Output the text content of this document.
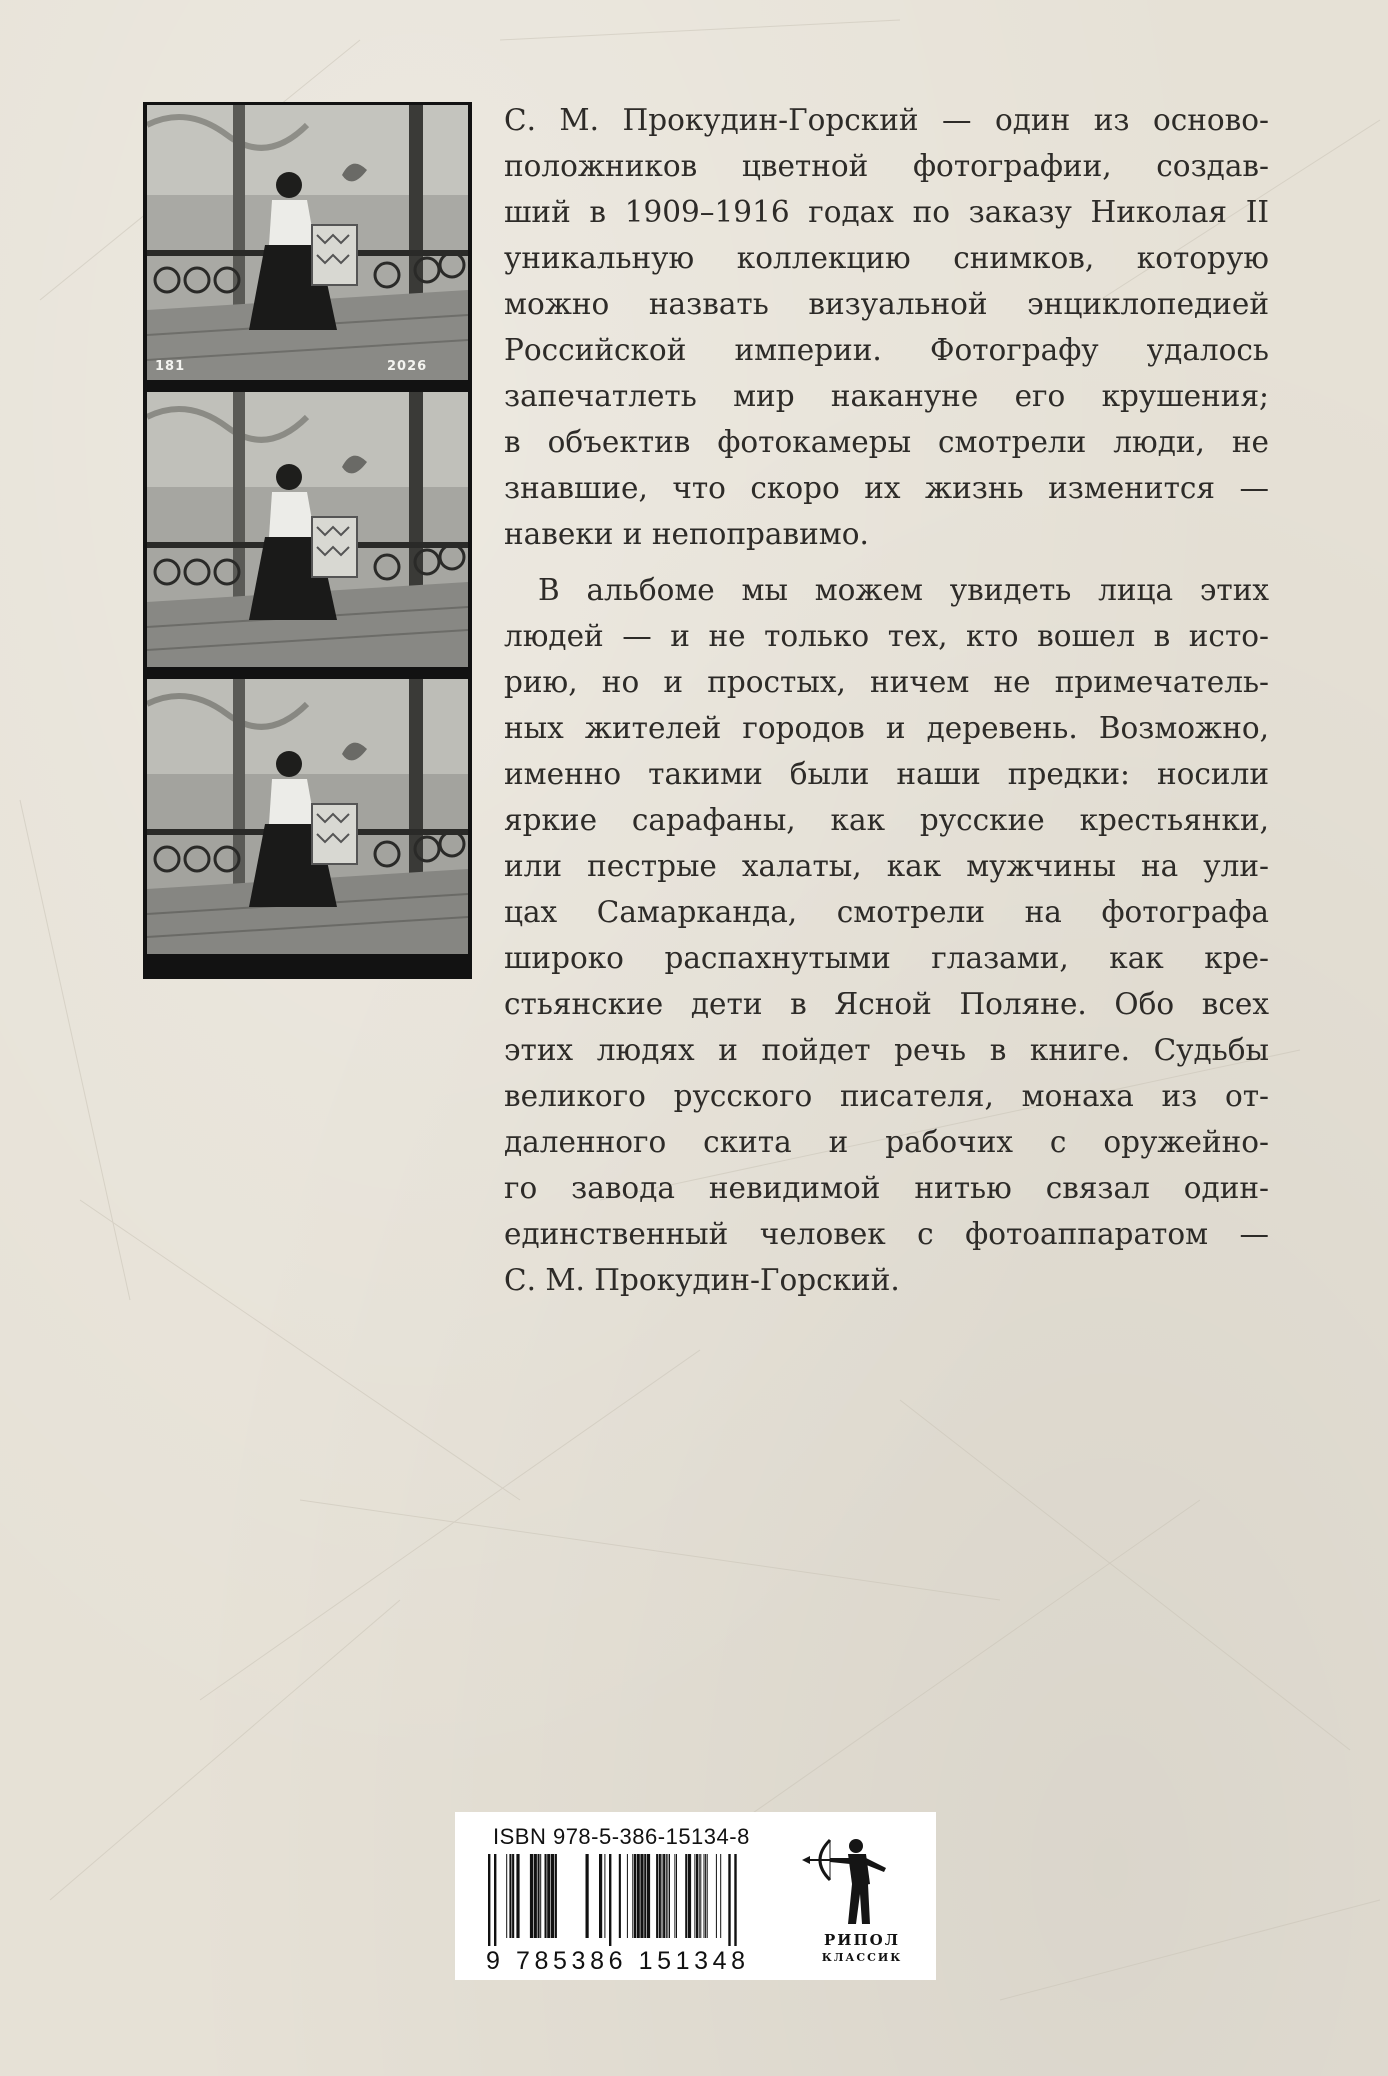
181	2026

С. М. Прокудин-Горский — один из осново-
положников цветной фотографии, создав-
ший в 1909–1916 годах по заказу Николая II
уникальную коллекцию снимков, которую
можно назвать визуальной энциклопедией
Российской империи. Фотографу удалось
запечатлеть мир накануне его крушения;
в объектив фотокамеры смотрели люди, не
знавшие, что скоро их жизнь изменится —
навеки и непоправимо.

В альбоме мы можем увидеть лица этих
людей — и не только тех, кто вошел в исто-
рию, но и простых, ничем не примечатель-
ных жителей городов и деревень. Возможно,
именно такими были наши предки: носили
яркие сарафаны, как русские крестьянки,
или пестрые халаты, как мужчины на ули-
цах Самарканда, смотрели на фотографа
широко распахнутыми глазами, как кре-
стьянские дети в Ясной Поляне. Обо всех
этих людях и пойдет речь в книге. Судьбы
великого русского писателя, монаха из от-
даленного скита и рабочих с оружейно-
го завода невидимой нитью связал один-
единственный человек с фотоаппаратом —
С. М. Прокудин-Горский.

ISBN 978-5-386-15134-8
9 785386 151348
РИПОЛ
КЛАССИК
